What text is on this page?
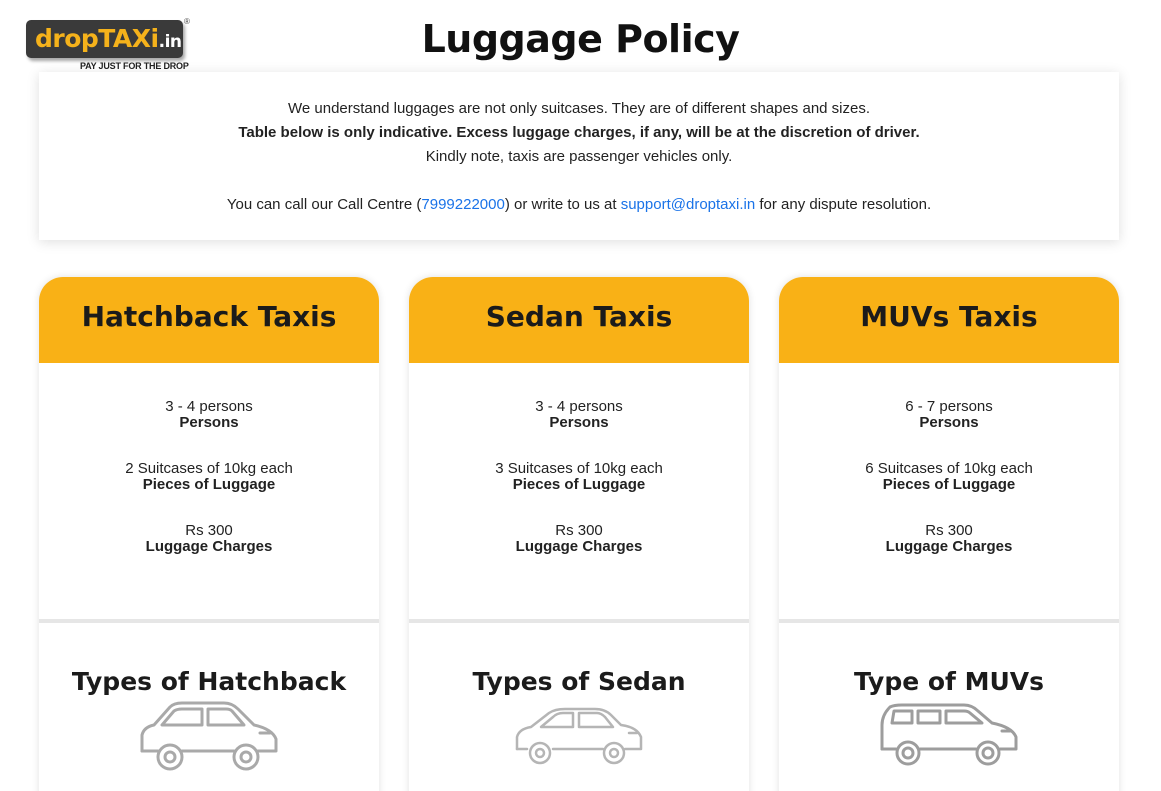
dropTAXi.in
®
PAY JUST FOR THE DROP
Luggage Policy
We understand luggages are not only suitcases. They are of different shapes and sizes.
Table below is only indicative. Excess luggage charges, if any, will be at the discretion of driver.
Kindly note, taxis are passenger vehicles only.
You can call our Call Centre (7999222000) or write to us at support@droptaxi.in for any dispute resolution.
Hatchback Taxis
3 - 4 persons
Persons
2 Suitcases of 10kg each
Pieces of Luggage
Rs 300
Luggage Charges
Types of Hatchback
Sedan Taxis
3 - 4 persons
Persons
3 Suitcases of 10kg each
Pieces of Luggage
Rs 300
Luggage Charges
Types of Sedan
MUVs Taxis
6 - 7 persons
Persons
6 Suitcases of 10kg each
Pieces of Luggage
Rs 300
Luggage Charges
Type of MUVs
